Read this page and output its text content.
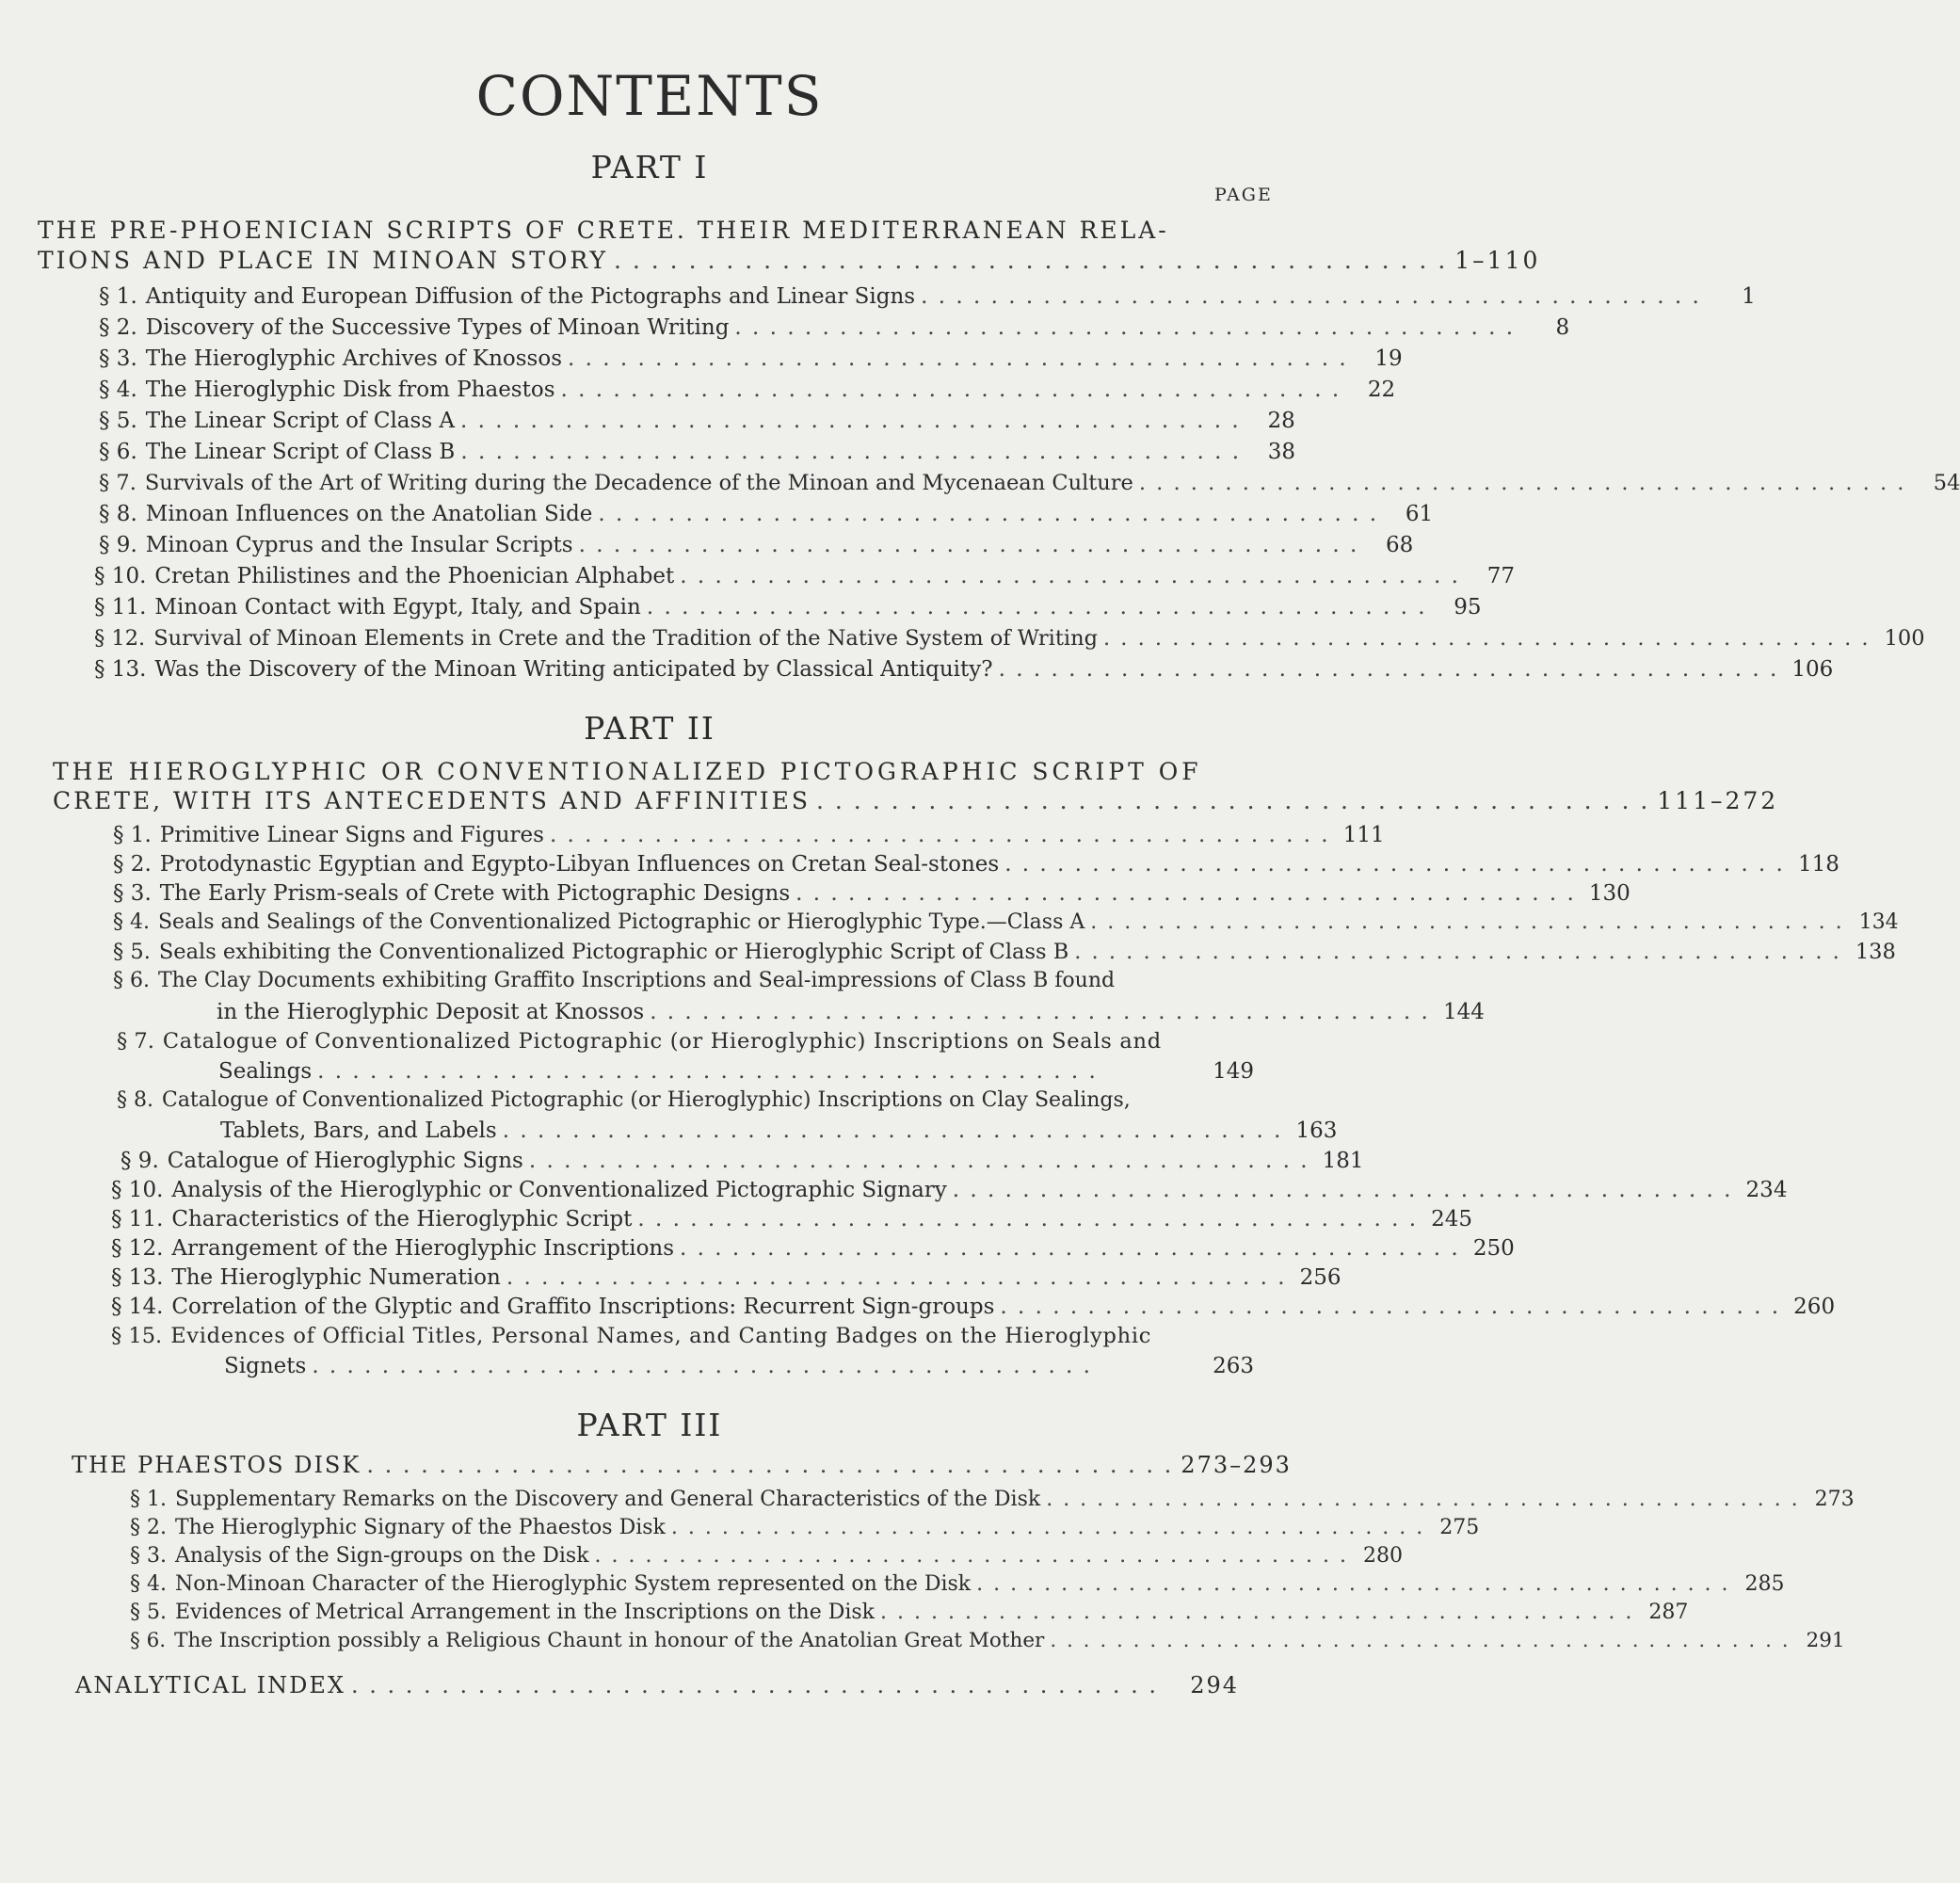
CONTENTS
PART I
PAGE
THE PRE-PHOENICIAN SCRIPTS OF CRETE. THEIR MEDITERRANEAN RELA-
TIONS AND PLACE IN MINOAN STORY . . . . . . . . . . . . . . . . . . . . . . . . . . . . . . . . . . . . . . . . . . . . . 1–110
§ 1. Antiquity and European Diffusion of the Pictographs and Linear Signs . . . . . . . . . . . . . . . . . . . . . . . . . . . . . . . . . . . . . . . . . . . . .	1
§ 2. Discovery of the Successive Types of Minoan Writing . . . . . . . . . . . . . . . . . . . . . . . . . . . . . . . . . . . . . . . . . . . . .	8
§ 3. The Hieroglyphic Archives of Knossos . . . . . . . . . . . . . . . . . . . . . . . . . . . . . . . . . . . . . . . . . . . . .	19
§ 4. The Hieroglyphic Disk from Phaestos . . . . . . . . . . . . . . . . . . . . . . . . . . . . . . . . . . . . . . . . . . . . .	22
§ 5. The Linear Script of Class A . . . . . . . . . . . . . . . . . . . . . . . . . . . . . . . . . . . . . . . . . . . . .	28
§ 6. The Linear Script of Class B . . . . . . . . . . . . . . . . . . . . . . . . . . . . . . . . . . . . . . . . . . . . .	38
§ 7. Survivals of the Art of Writing during the Decadence of the Minoan and Mycenaean Culture . . . . . . . . . . . . . . . . . . . . . . . . . . . . . . . . . . . . . . . . . . . . .	54
§ 8. Minoan Influences on the Anatolian Side . . . . . . . . . . . . . . . . . . . . . . . . . . . . . . . . . . . . . . . . . . . . .	61
§ 9. Minoan Cyprus and the Insular Scripts . . . . . . . . . . . . . . . . . . . . . . . . . . . . . . . . . . . . . . . . . . . . .	68
§ 10. Cretan Philistines and the Phoenician Alphabet . . . . . . . . . . . . . . . . . . . . . . . . . . . . . . . . . . . . . . . . . . . . .	77
§ 11. Minoan Contact with Egypt, Italy, and Spain . . . . . . . . . . . . . . . . . . . . . . . . . . . . . . . . . . . . . . . . . . . . .	95
§ 12. Survival of Minoan Elements in Crete and the Tradition of the Native System of Writing . . . . . . . . . . . . . . . . . . . . . . . . . . . . . . . . . . . . . . . . . . . . . 100
§ 13. Was the Discovery of the Minoan Writing anticipated by Classical Antiquity? . . . . . . . . . . . . . . . . . . . . . . . . . . . . . . . . . . . . . . . . . . . . . 106
PART II
THE HIEROGLYPHIC OR CONVENTIONALIZED PICTOGRAPHIC SCRIPT OF
CRETE, WITH ITS ANTECEDENTS AND AFFINITIES . . . . . . . . . . . . . . . . . . . . . . . . . . . . . . . . . . . . . . . . . . . . . 111–272
§ 1. Primitive Linear Signs and Figures . . . . . . . . . . . . . . . . . . . . . . . . . . . . . . . . . . . . . . . . . . . . . 111
§ 2. Protodynastic Egyptian and Egypto-Libyan Influences on Cretan Seal-stones . . . . . . . . . . . . . . . . . . . . . . . . . . . . . . . . . . . . . . . . . . . . . 118
§ 3. The Early Prism-seals of Crete with Pictographic Designs . . . . . . . . . . . . . . . . . . . . . . . . . . . . . . . . . . . . . . . . . . . . . 130
§ 4. Seals and Sealings of the Conventionalized Pictographic or Hieroglyphic Type.—Class A . . . . . . . . . . . . . . . . . . . . . . . . . . . . . . . . . . . . . . . . . . . . . 134
§ 5. Seals exhibiting the Conventionalized Pictographic or Hieroglyphic Script of Class B . . . . . . . . . . . . . . . . . . . . . . . . . . . . . . . . . . . . . . . . . . . . . 138
§ 6. The Clay Documents exhibiting Graffito Inscriptions and Seal-impressions of Class B found
in the Hieroglyphic Deposit at Knossos . . . . . . . . . . . . . . . . . . . . . . . . . . . . . . . . . . . . . . . . . . . . . 144
§ 7. Catalogue of Conventionalized Pictographic (or Hieroglyphic) Inscriptions on Seals and
Sealings . . . . . . . . . . . . . . . . . . . . . . . . . . . . . . . . . . . . . . . . . . . . .	149
§ 8. Catalogue of Conventionalized Pictographic (or Hieroglyphic) Inscriptions on Clay Sealings,
Tablets, Bars, and Labels . . . . . . . . . . . . . . . . . . . . . . . . . . . . . . . . . . . . . . . . . . . . . 163
§ 9. Catalogue of Hieroglyphic Signs . . . . . . . . . . . . . . . . . . . . . . . . . . . . . . . . . . . . . . . . . . . . . 181
§ 10. Analysis of the Hieroglyphic or Conventionalized Pictographic Signary . . . . . . . . . . . . . . . . . . . . . . . . . . . . . . . . . . . . . . . . . . . . . 234
§ 11. Characteristics of the Hieroglyphic Script . . . . . . . . . . . . . . . . . . . . . . . . . . . . . . . . . . . . . . . . . . . . . 245
§ 12. Arrangement of the Hieroglyphic Inscriptions . . . . . . . . . . . . . . . . . . . . . . . . . . . . . . . . . . . . . . . . . . . . . 250
§ 13. The Hieroglyphic Numeration . . . . . . . . . . . . . . . . . . . . . . . . . . . . . . . . . . . . . . . . . . . . . 256
§ 14. Correlation of the Glyptic and Graffito Inscriptions: Recurrent Sign-groups . . . . . . . . . . . . . . . . . . . . . . . . . . . . . . . . . . . . . . . . . . . . . 260
§ 15. Evidences of Official Titles, Personal Names, and Canting Badges on the Hieroglyphic
Signets . . . . . . . . . . . . . . . . . . . . . . . . . . . . . . . . . . . . . . . . . . . . .	263
PART III
THE PHAESTOS DISK . . . . . . . . . . . . . . . . . . . . . . . . . . . . . . . . . . . . . . . . . . . . . 273–293
§ 1. Supplementary Remarks on the Discovery and General Characteristics of the Disk . . . . . . . . . . . . . . . . . . . . . . . . . . . . . . . . . . . . . . . . . . . . . 273
§ 2. The Hieroglyphic Signary of the Phaestos Disk . . . . . . . . . . . . . . . . . . . . . . . . . . . . . . . . . . . . . . . . . . . . . 275
§ 3. Analysis of the Sign-groups on the Disk . . . . . . . . . . . . . . . . . . . . . . . . . . . . . . . . . . . . . . . . . . . . . 280
§ 4. Non-Minoan Character of the Hieroglyphic System represented on the Disk . . . . . . . . . . . . . . . . . . . . . . . . . . . . . . . . . . . . . . . . . . . . . 285
§ 5. Evidences of Metrical Arrangement in the Inscriptions on the Disk . . . . . . . . . . . . . . . . . . . . . . . . . . . . . . . . . . . . . . . . . . . . . 287
§ 6. The Inscription possibly a Religious Chaunt in honour of the Anatolian Great Mother . . . . . . . . . . . . . . . . . . . . . . . . . . . . . . . . . . . . . . . . . . . . . 291
ANALYTICAL INDEX . . . . . . . . . . . . . . . . . . . . . . . . . . . . . . . . . . . . . . . . . . . . .	294
